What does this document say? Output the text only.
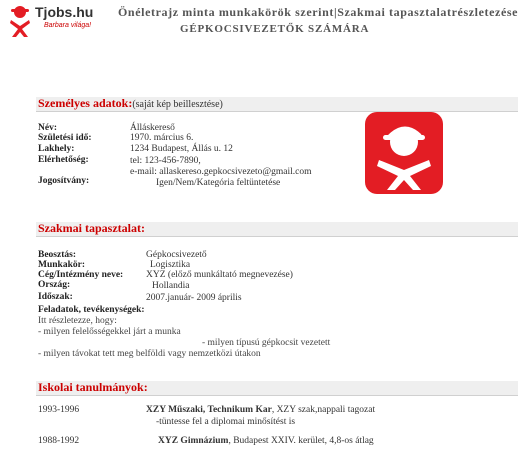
Tjobs.hu
Barbara világa!
Önéletrajz minta munkakörök szerint|Szakmai tapasztalatrészletezése
GÉPKOCSIVEZETŐK SZÁMÁRA
Személyes adatok:(saját kép beillesztése)
Név:	Álláskereső
Születési idő:	1970. március 6.
Lakhely:	1234 Budapest, Állás u. 12
Elérhetőség:	tel: 123-456-7890,
e-mail: allaskereso.gepkocsivezeto@gmail.com
Jogosítvány:	Igen/Nem/Kategória feltüntetése
Szakmai tapasztalat:
Beosztás:	Gépkocsivezető
Munkakör:	Logisztika
Cég/Intézmény neve: XYZ (előző munkáltató megnevezése)
Ország:	Hollandia
Időszak:	2007.január- 2009 április
Feladatok, tevékenységek:
Itt részletezze, hogy:
- milyen felelősségekkel járt a munka
- milyen típusú gépkocsit vezetett
- milyen távokat tett meg belföldi vagy nemzetközi útakon
Iskolai tanulmányok:
1993-1996	XZY Műszaki, Technikum Kar, XZY szak,nappali tagozat
-tüntesse fel a diplomai minősítést is
1988-1992	XYZ Gimnázium, Budapest XXIV. kerület, 4,8-os átlag
